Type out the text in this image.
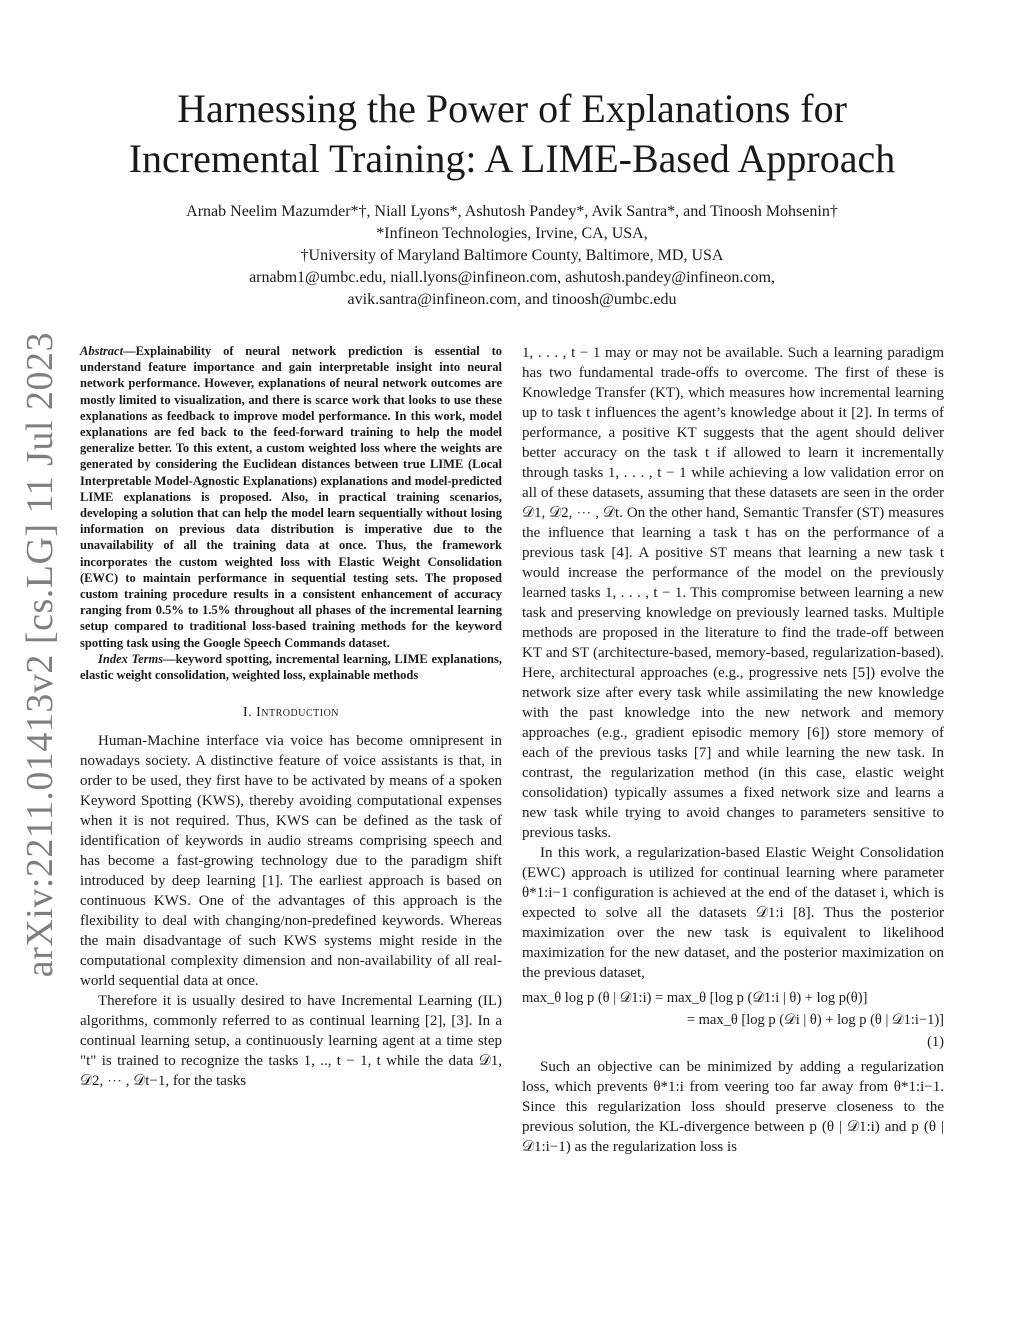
arXiv:2211.01413v2 [cs.LG] 11 Jul 2023
Harnessing the Power of Explanations for Incremental Training: A LIME-Based Approach
Arnab Neelim Mazumder*†, Niall Lyons*, Ashutosh Pandey*, Avik Santra*, and Tinoosh Mohsenin†
*Infineon Technologies, Irvine, CA, USA,
†University of Maryland Baltimore County, Baltimore, MD, USA
arnabm1@umbc.edu, niall.lyons@infineon.com, ashutosh.pandey@infineon.com,
avik.santra@infineon.com, and tinoosh@umbc.edu

Abstract—Explainability of neural network prediction is essential to understand feature importance and gain interpretable insight into neural network performance. However, explanations of neural network outcomes are mostly limited to visualization, and there is scarce work that looks to use these explanations as feedback to improve model performance. In this work, model explanations are fed back to the feed-forward training to help the model generalize better. To this extent, a custom weighted loss where the weights are generated by considering the Euclidean distances between true LIME (Local Interpretable Model-Agnostic Explanations) explanations and model-predicted LIME explanations is proposed. Also, in practical training scenarios, developing a solution that can help the model learn sequentially without losing information on previous data distribution is imperative due to the unavailability of all the training data at once. Thus, the framework incorporates the custom weighted loss with Elastic Weight Consolidation (EWC) to maintain performance in sequential testing sets. The proposed custom training procedure results in a consistent enhancement of accuracy ranging from 0.5% to 1.5% throughout all phases of the incremental learning setup compared to traditional loss-based training methods for the keyword spotting task using the Google Speech Commands dataset.

Index Terms—keyword spotting, incremental learning, LIME explanations, elastic weight consolidation, weighted loss, explainable methods

I. Introduction

Human-Machine interface via voice has become omnipresent in nowadays society. A distinctive feature of voice assistants is that, in order to be used, they first have to be activated by means of a spoken Keyword Spotting (KWS), thereby avoiding computational expenses when it is not required. Thus, KWS can be defined as the task of identification of keywords in audio streams comprising speech and has become a fast-growing technology due to the paradigm shift introduced by deep learning [1]. The earliest approach is based on continuous KWS. One of the advantages of this approach is the flexibility to deal with changing/non-predefined keywords. Whereas the main disadvantage of such KWS systems might reside in the computational complexity dimension and non-availability of all real-world sequential data at once.

Therefore it is usually desired to have Incremental Learning (IL) algorithms, commonly referred to as continual learning [2], [3]. In a continual learning setup, a continuously learning agent at a time step "t" is trained to recognize the tasks 1, .., t − 1, t while the data 𝒟1, 𝒟2, ⋯ , 𝒟t−1, for the tasks

1, . . . , t − 1 may or may not be available. Such a learning paradigm has two fundamental trade-offs to overcome. The first of these is Knowledge Transfer (KT), which measures how incremental learning up to task t influences the agent’s knowledge about it [2]. In terms of performance, a positive KT suggests that the agent should deliver better accuracy on the task t if allowed to learn it incrementally through tasks 1, . . . , t − 1 while achieving a low validation error on all of these datasets, assuming that these datasets are seen in the order 𝒟1, 𝒟2, ⋯ , 𝒟t. On the other hand, Semantic Transfer (ST) measures the influence that learning a task t has on the performance of a previous task [4]. A positive ST means that learning a new task t would increase the performance of the model on the previously learned tasks 1, . . . , t − 1. This compromise between learning a new task and preserving knowledge on previously learned tasks. Multiple methods are proposed in the literature to find the trade-off between KT and ST (architecture-based, memory-based, regularization-based). Here, architectural approaches (e.g., progressive nets [5]) evolve the network size after every task while assimilating the new knowledge with the past knowledge into the new network and memory approaches (e.g., gradient episodic memory [6]) store memory of each of the previous tasks [7] and while learning the new task. In contrast, the regularization method (in this case, elastic weight consolidation) typically assumes a fixed network size and learns a new task while trying to avoid changes to parameters sensitive to previous tasks.

In this work, a regularization-based Elastic Weight Consolidation (EWC) approach is utilized for continual learning where parameter θ*1:i−1 configuration is achieved at the end of the dataset i, which is expected to solve all the datasets 𝒟1:i [8]. Thus the posterior maximization over the new task is equivalent to likelihood maximization for the new dataset, and the posterior maximization on the previous dataset,

max_θ log p (θ | 𝒟1:i) = max_θ [log p (𝒟1:i | θ) + log p(θ)]
= max_θ [log p (𝒟i | θ) + log p (θ | 𝒟1:i−1)]
(1)

Such an objective can be minimized by adding a regularization loss, which prevents θ*1:i from veering too far away from θ*1:i−1. Since this regularization loss should preserve closeness to the previous solution, the KL-divergence between p (θ | 𝒟1:i) and p (θ | 𝒟1:i−1) as the regularization loss is
